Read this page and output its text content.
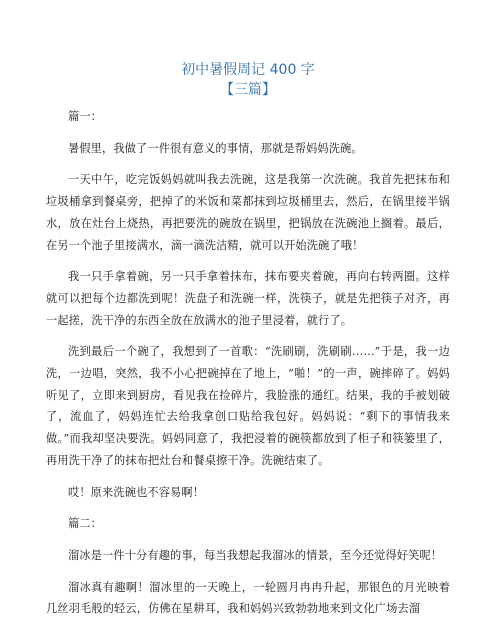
初中暑假周记 400 字
【三篇】

篇一：

暑假里，我做了一件很有意义的事情，那就是帮妈妈洗碗。

一天中午，吃完饭妈妈就叫我去洗碗，这是我第一次洗碗。我首先把抹布和垃圾桶拿到餐桌旁，把掉了的米饭和菜都抹到垃圾桶里去，然后，在锅里接半锅水，放在灶台上烧热，再把要洗的碗放在锅里，把锅放在洗碗池上搁着。最后，在另一个池子里接满水，滴一滴洗洁精，就可以开始洗碗了哦！

我一只手拿着碗，另一只手拿着抹布，抹布要夹着碗，再向右转两圈。这样就可以把每个边都洗到呢！洗盘子和洗碗一样，洗筷子，就是先把筷子对齐，再一起搓，洗干净的东西全放在放满水的池子里浸着，就行了。

洗到最后一个碗了，我想到了一首歌：“洗刷刷，洗刷刷……”于是，我一边洗，一边唱，突然，我不小心把碗掉在了地上，“啪！”的一声，碗摔碎了。妈妈听见了，立即来到厨房，看见我在捡碎片，我脸涨的通红。结果，我的手被划破了，流血了，妈妈连忙去给我拿创口贴给我包好。妈妈说：“剩下的事情我来做。”而我却坚决要洗。妈妈同意了，我把浸着的碗筷都放到了柜子和筷篓里了，再用洗干净了的抹布把灶台和餐桌擦干净。洗碗结束了。

哎！原来洗碗也不容易啊！

篇二：

溜冰是一件十分有趣的事，每当我想起我溜冰的情景，至今还觉得好笑呢！

溜冰真有趣啊！溜冰里的一天晚上，一轮圆月冉冉升起，那银色的月光映着几丝羽毛般的轻云，仿佛在星耕耳，我和妈妈兴致勃勃地来到文化广场去溜
